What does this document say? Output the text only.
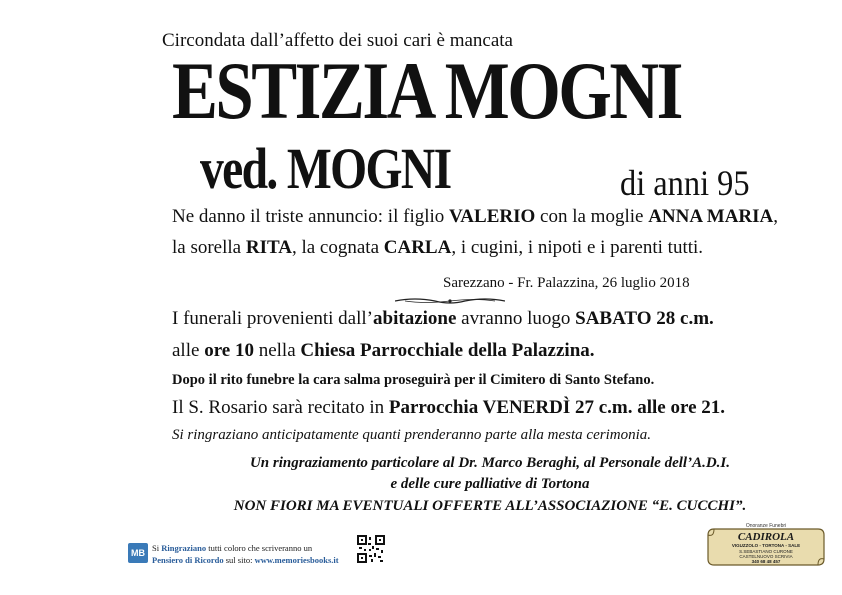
Circondata dall’affetto dei suoi cari è mancata
ESTIZIA MOGNI
ved. MOGNI	di anni 95
Ne danno il triste annuncio: il figlio VALERIO con la moglie ANNA MARIA,
la sorella RITA, la cognata CARLA, i cugini, i nipoti e i parenti tutti.
Sarezzano - Fr. Palazzina, 26 luglio 2018
I funerali provenienti dall’abitazione avranno luogo SABATO 28 c.m.
alle ore 10 nella Chiesa Parrocchiale della Palazzina.
Dopo il rito funebre la cara salma proseguirà per il Cimitero di Santo Stefano.
Il S. Rosario sarà recitato in Parrocchia VENERDÌ 27 c.m. alle ore 21.
Si ringraziano anticipatamente quanti prenderanno parte alla mesta cerimonia.
Un ringraziamento particolare al Dr. Marco Beraghi, al Personale dell’A.D.I.
e delle cure palliative di Tortona
NON FIORI MA EVENTUALI OFFERTE ALL’ASSOCIAZIONE “E. CUCCHI”.
MB Si Ringraziano tutti coloro che scriveranno un
Pensiero di Ricordo sul sito: www.memoriesbooks.it
Onoranze Funebri
CADIROLA
VIGUZZOLO - TORTONA - SALE
S.SEBASTIANO CURONE
CASTELNUOVO SCRIVIA
340 68 48 457
